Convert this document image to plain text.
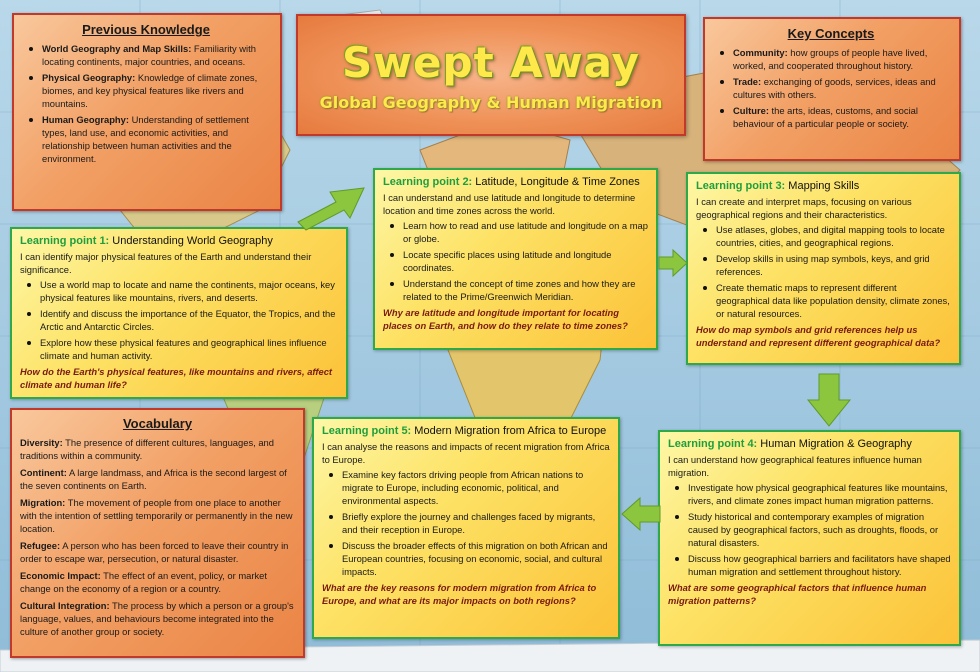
Swept Away
Global Geography & Human Migration
Previous Knowledge
World Geography and Map Skills: Familiarity with locating continents, major countries, and oceans.
Physical Geography: Knowledge of climate zones, biomes, and key physical features like rivers and mountains.
Human Geography: Understanding of settlement types, land use, and economic activities, and relationship between human activities and the environment.
Key Concepts
Community: how groups of people have lived, worked, and cooperated throughout history.
Trade: exchanging of goods, services, ideas and cultures with others.
Culture: the arts, ideas, customs, and social behaviour of a particular people or society.
Learning point 1: Understanding World Geography
I can identify major physical features of the Earth and understand their significance.
Use a world map to locate and name the continents, major oceans, key physical features like mountains, rivers, and deserts.
Identify and discuss the importance of the Equator, the Tropics, and the Arctic and Antarctic Circles.
Explore how these physical features and geographical lines influence climate and human activity.
How do the Earth's physical features, like mountains and rivers, affect climate and human life?
Learning point 2: Latitude, Longitude & Time Zones
I can understand and use latitude and longitude to determine location and time zones across the world.
Learn how to read and use latitude and longitude on a map or globe.
Locate specific places using latitude and longitude coordinates.
Understand the concept of time zones and how they are related to the Prime/Greenwich Meridian.
Why are latitude and longitude important for locating places on Earth, and how do they relate to time zones?
Learning point 3: Mapping Skills
I can create and interpret maps, focusing on various geographical regions and their characteristics.
Use atlases, globes, and digital mapping tools to locate countries, cities, and geographical regions.
Develop skills in using map symbols, keys, and grid references.
Create thematic maps to represent different geographical data like population density, climate zones, or natural resources.
How do map symbols and grid references help us understand and represent different geographical data?
Vocabulary
Diversity: The presence of different cultures, languages, and traditions within a community.
Continent: A large landmass, and Africa is the second largest of the seven continents on Earth.
Migration: The movement of people from one place to another with the intention of settling temporarily or permanently in the new location.
Refugee: A person who has been forced to leave their country in order to escape war, persecution, or natural disaster.
Economic Impact: The effect of an event, policy, or market change on the economy of a region or a country.
Cultural Integration: The process by which a person or a group's language, values, and behaviours become integrated into the culture of another group or society.
Learning point 5: Modern Migration from Africa to Europe
I can analyse the reasons and impacts of recent migration from Africa to Europe.
Examine key factors driving people from African nations to migrate to Europe, including economic, political, and environmental aspects.
Briefly explore the journey and challenges faced by migrants, and their reception in Europe.
Discuss the broader effects of this migration on both African and European countries, focusing on economic, social, and cultural impacts.
What are the key reasons for modern migration from Africa to Europe, and what are its major impacts on both regions?
Learning point 4: Human Migration & Geography
I can understand how geographical features influence human migration.
Investigate how physical geographical features like mountains, rivers, and climate zones impact human migration patterns.
Study historical and contemporary examples of migration caused by geographical factors, such as droughts, floods, or natural disasters.
Discuss how geographical barriers and facilitators have shaped human migration and settlement throughout history.
What are some geographical factors that influence human migration patterns?
